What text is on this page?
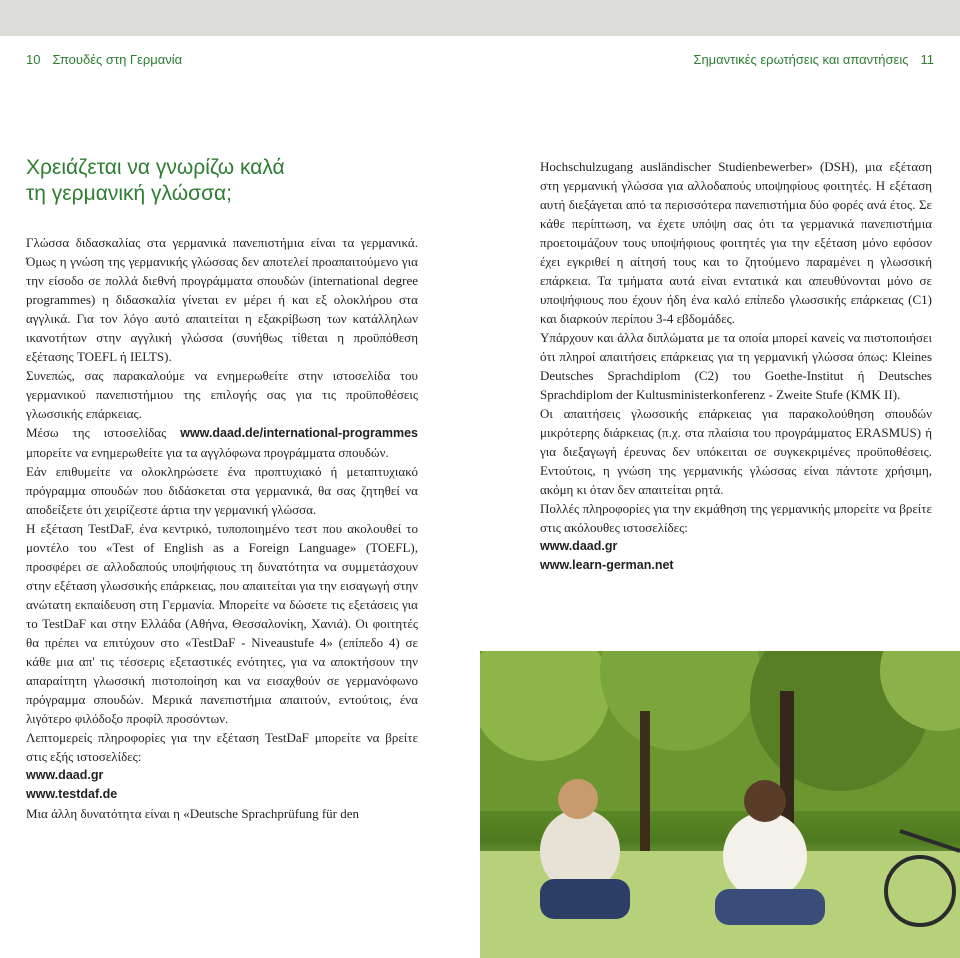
10 Σπουδές στη Γερμανία	Σημαντικές ερωτήσεις και απαντήσεις 11
Χρειάζεται να γνωρίζω καλά
τη γερμανική γλώσσα;

Γλώσσα διδασκαλίας στα γερμανικά πανεπιστήμια είναι τα γερμανικά. Όμως η γνώση της γερμανικής γλώσσας δεν αποτελεί προαπαιτούμενο για την είσοδο σε πολλά διεθνή προγράμματα σπουδών (international degree programmes) η διδασκαλία γίνεται εν μέρει ή και εξ ολοκλήρου στα αγγλικά. Για τον λόγο αυτό απαιτείται η εξακρίβωση των κατάλληλων ικανοτήτων στην αγγλική γλώσσα (συνήθως τίθεται η προϋπόθεση εξέτασης TOEFL ή IELTS).

Συνεπώς, σας παρακαλούμε να ενημερωθείτε στην ιστοσελίδα του γερμανικού πανεπιστήμιου της επιλογής σας για τις προϋποθέσεις γλωσσικής επάρκειας.

Μέσω της ιστοσελίδας www.daad.de/international-programmes μπορείτε να ενημερωθείτε για τα αγγλόφωνα προγράμματα σπουδών.

Εάν επιθυμείτε να ολοκληρώσετε ένα προπτυχιακό ή μεταπτυχιακό πρόγραμμα σπουδών που διδάσκεται στα γερμανικά, θα σας ζητηθεί να αποδείξετε ότι χειρίζεστε άρτια την γερμανική γλώσσα.

Η εξέταση TestDaF, ένα κεντρικό, τυποποιημένο τεστ που ακολουθεί το μοντέλο του «Test of English as a Foreign Language» (TOEFL), προσφέρει σε αλλοδαπούς υποψήφιους τη δυνατότητα να συμμετάσχουν στην εξέταση γλωσσικής επάρκειας, που απαιτείται για την εισαγωγή στην ανώτατη εκπαίδευση στη Γερμανία. Μπορείτε να δώσετε τις εξετάσεις για το TestDaF και στην Ελλάδα (Αθήνα, Θεσσαλονίκη, Χανιά). Οι φοιτητές θα πρέπει να επιτύχουν στο «TestDaF - Niveaustufe 4» (επίπεδο 4) σε κάθε μια απ' τις τέσσερις εξεταστικές ενότητες, για να αποκτήσουν την απαραίτητη γλωσσική πιστοποίηση και να εισαχθούν σε γερμανόφωνο πρόγραμμα σπουδών. Μερικά πανεπιστήμια απαιτούν, εντούτοις, ένα λιγότερο φιλόδοξο προφίλ προσόντων.

Λεπτομερείς πληροφορίες για την εξέταση TestDaF μπορείτε να βρείτε στις εξής ιστοσελίδες:

www.daad.gr

www.testdaf.de

Μια άλλη δυνατότητα είναι η «Deutsche Sprachprüfung für den

Hochschulzugang ausländischer Studienbewerber» (DSH), μια εξέταση στη γερμανική γλώσσα για αλλοδαπούς υποψηφίους φοιτητές. Η εξέταση αυτή διεξάγεται από τα περισσότερα πανεπιστήμια δύο φορές ανά έτος. Σε κάθε περίπτωση, να έχετε υπόψη σας ότι τα γερμανικά πανεπιστήμια προετοιμάζουν τους υποψήφιους φοιτητές για την εξέταση μόνο εφόσον έχει εγκριθεί η αίτησή τους και το ζητούμενο παραμένει η γλωσσική επάρκεια. Τα τμήματα αυτά είναι εντατικά και απευθύνονται μόνο σε υποψήφιους που έχουν ήδη ένα καλό επίπεδο γλωσσικής επάρκειας (C1) και διαρκούν περίπου 3-4 εβδομάδες.

Υπάρχουν και άλλα διπλώματα με τα οποία μπορεί κανείς να πιστοποιήσει ότι πληροί απαιτήσεις επάρκειας για τη γερμανική γλώσσα όπως: Kleines Deutsches Sprachdiplom (C2) του Goethe-Institut ή Deutsches Sprachdiplom der Kultusministerkonferenz - Zweite Stufe (KMK II).

Οι απαιτήσεις γλωσσικής επάρκειας για παρακολούθηση σπουδών μικρότερης διάρκειας (π.χ. στα πλαίσια του προγράμματος ERASMUS) ή για διεξαγωγή έρευνας δεν υπόκειται σε συγκεκριμένες προϋποθέσεις. Εντούτοις, η γνώση της γερμανικής γλώσσας είναι πάντοτε χρήσιμη, ακόμη κι όταν δεν απαιτείται ρητά.

Πολλές πληροφορίες για την εκμάθηση της γερμανικής μπορείτε να βρείτε στις ακόλουθες ιστοσελίδες:

www.daad.gr

www.learn-german.net
